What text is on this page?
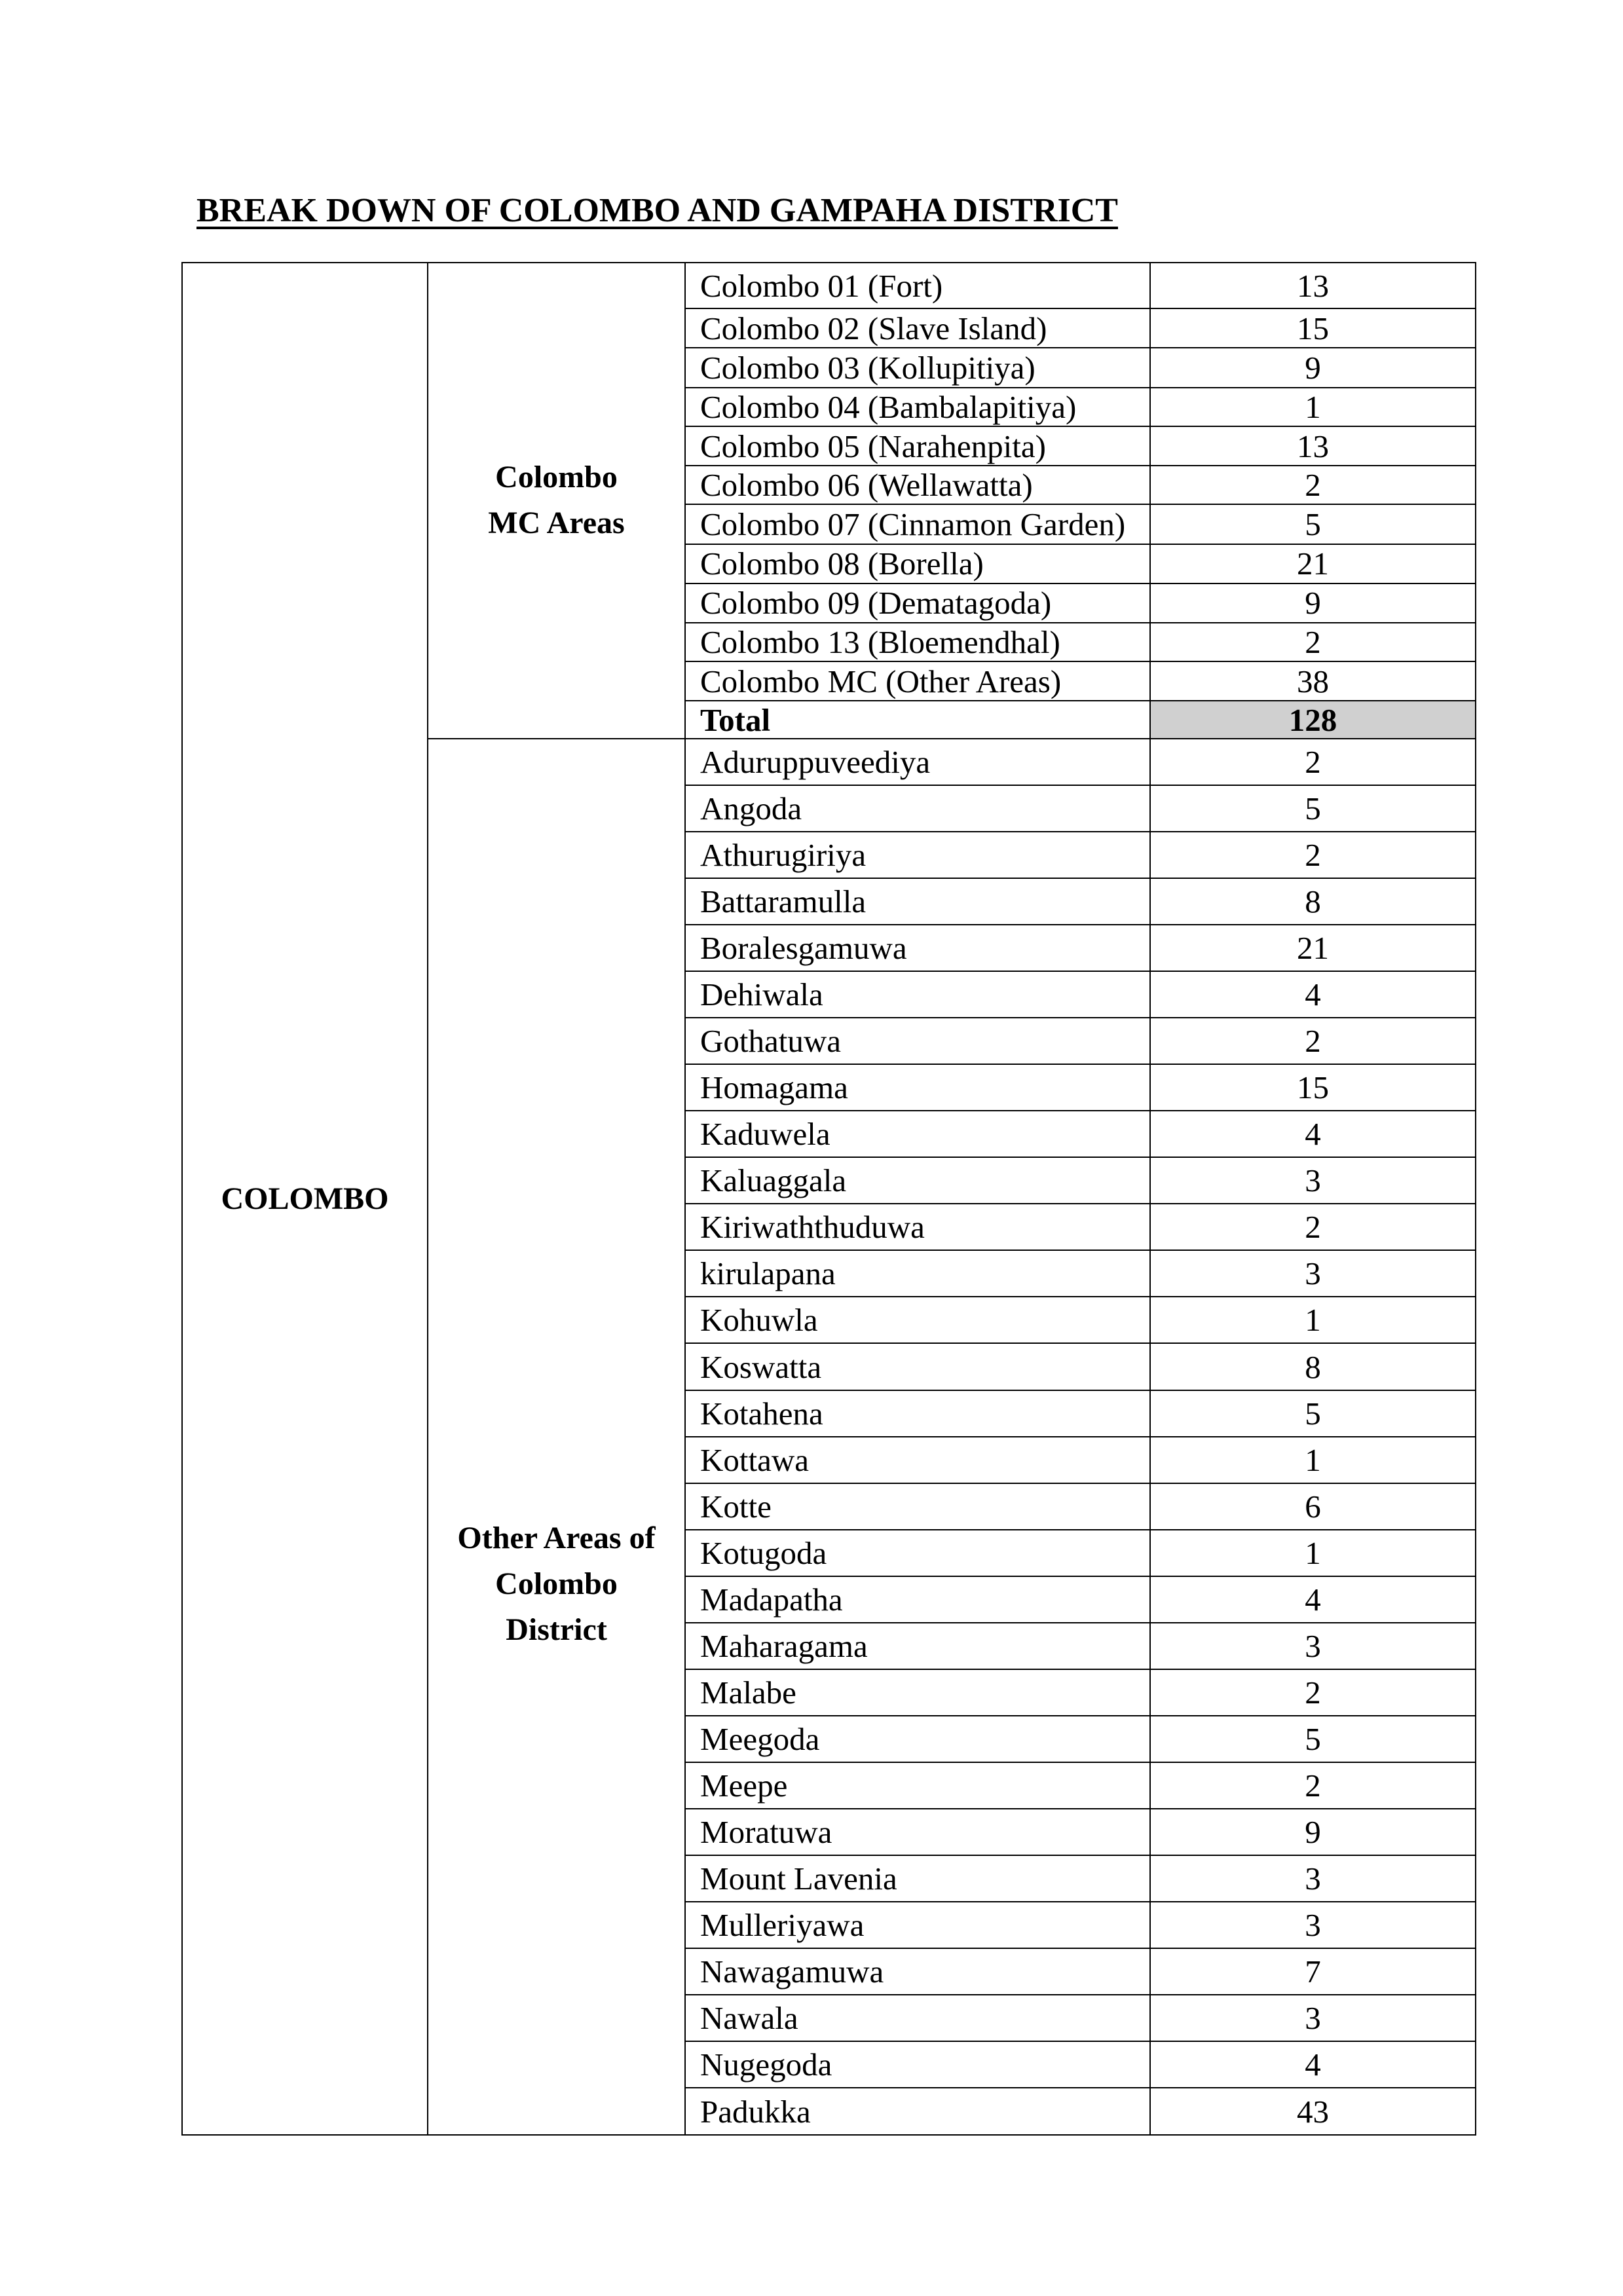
BREAK DOWN OF COLOMBO AND GAMPAHA DISTRICT
COLOMBO	Colombo MC Areas	Colombo 01 (Fort)	13
		Colombo 02 (Slave Island)	15
		Colombo 03 (Kollupitiya)	9
		Colombo 04 (Bambalapitiya)	1
		Colombo 05 (Narahenpita)	13
		Colombo 06 (Wellawatta)	2
		Colombo 07 (Cinnamon Garden)	5
		Colombo 08 (Borella)	21
		Colombo 09 (Dematagoda)	9
		Colombo 13 (Bloemendhal)	2
		Colombo MC (Other Areas)	38
		Total	128
	Other Areas of Colombo District	Aduruppuveediya	2
		Angoda	5
		Athurugiriya	2
		Battaramulla	8
		Boralesgamuwa	21
		Dehiwala	4
		Gothatuwa	2
		Homagama	15
		Kaduwela	4
		Kaluaggala	3
		Kiriwaththuduwa	2
		kirulapana	3
		Kohuwla	1
		Koswatta	8
		Kotahena	5
		Kottawa	1
		Kotte	6
		Kotugoda	1
		Madapatha	4
		Maharagama	3
		Malabe	2
		Meegoda	5
		Meepe	2
		Moratuwa	9
		Mount Lavenia	3
		Mulleriyawa	3
		Nawagamuwa	7
		Nawala	3
		Nugegoda	4
		Padukka	43
